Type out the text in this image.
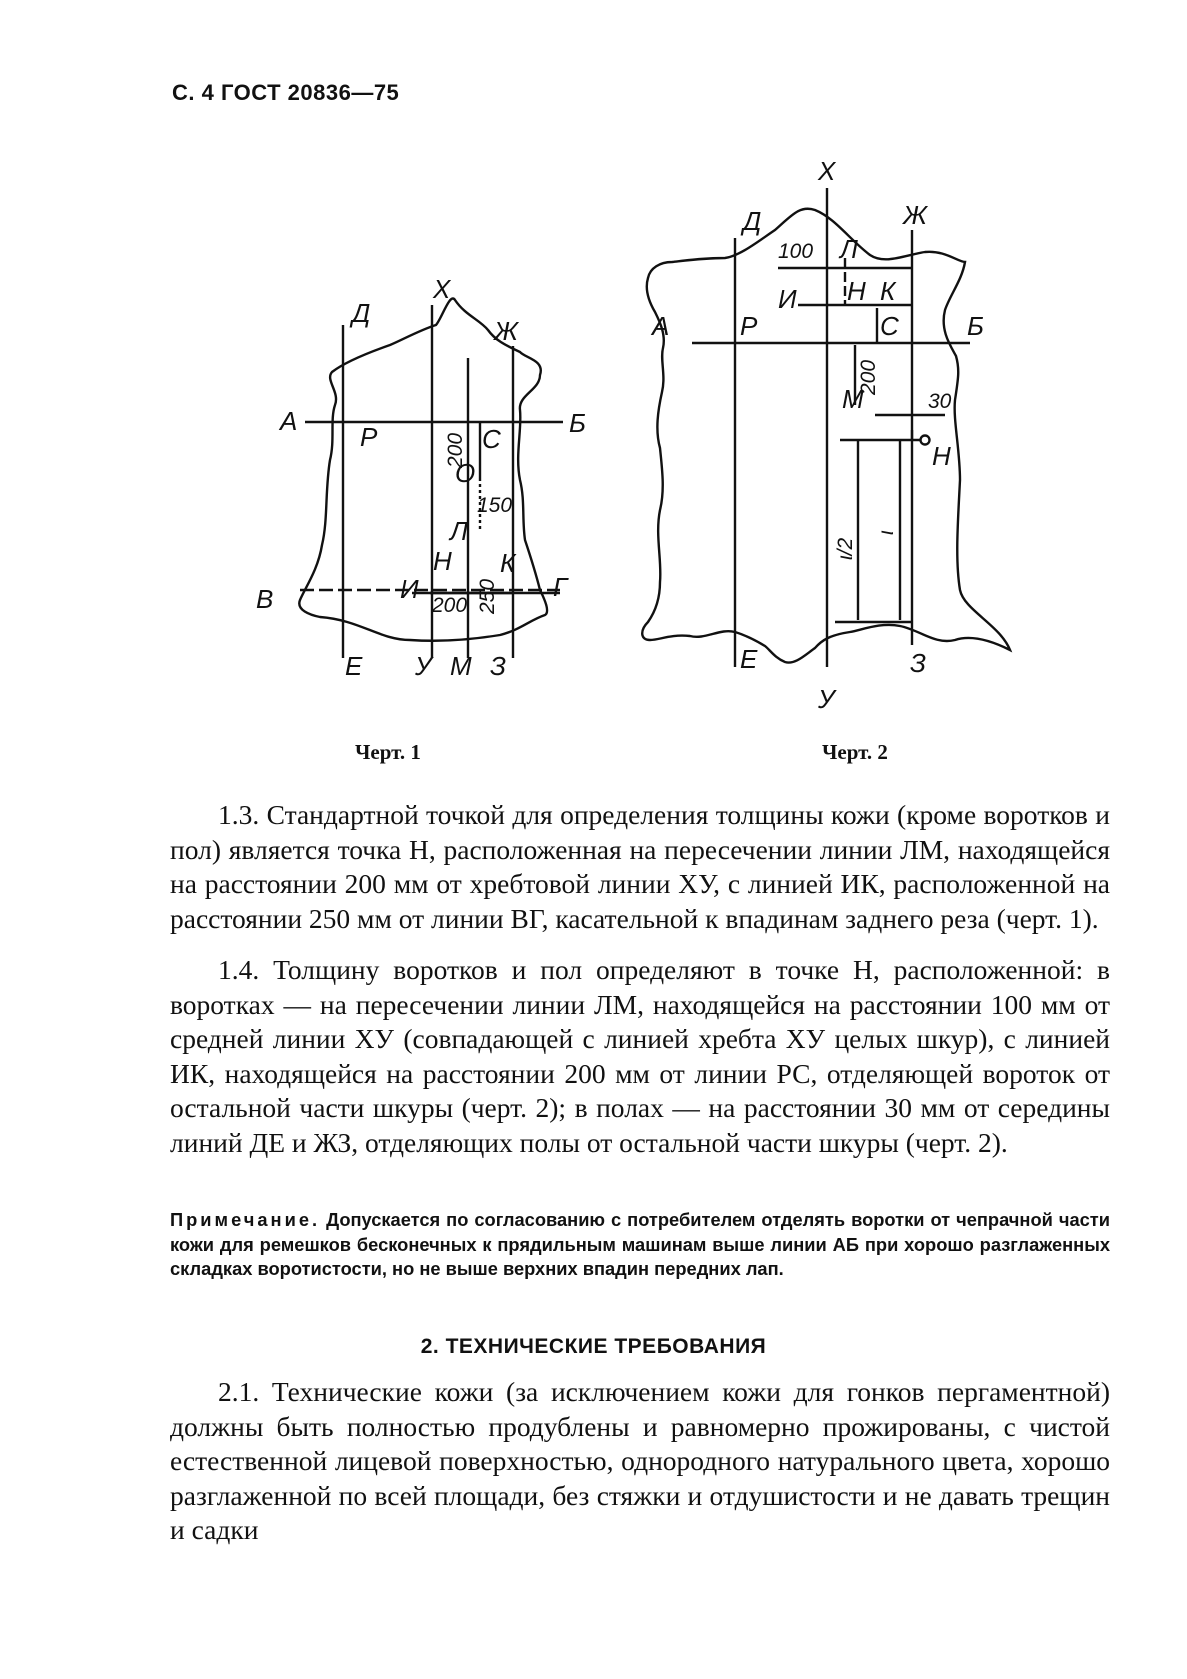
С. 4 ГОСТ 20836—75
Х
Д
Ж
А	Б
Р	С
О
Л
Н
И
К
В	Г
Е У М З
200
150
200 250
Х
Д	Ж
А	Б
Р
Л
И Н К
С
М
Н
Е
У
З
100
200
30
ι/2
ι
Черт. 1	Черт. 2

1.3. Стандартной точкой для определения толщины кожи (кроме воротков и пол) является точка Н, расположенная на пересечении линии ЛМ, находящейся на расстоянии 200 мм от хребтовой линии ХУ, с линией ИК, расположенной на расстоянии 250 мм от линии ВГ, касательной к впадинам заднего реза (черт. 1).

1.4. Толщину воротков и пол определяют в точке Н, расположенной: в воротках — на пересечении линии ЛМ, находящейся на расстоянии 100 мм от средней линии ХУ (совпадающей с линией хребта ХУ целых шкур), с линией ИК, находящейся на расстоянии 200 мм от линии РС, отделяющей вороток от остальной части шкуры (черт. 2); в полах — на расстоянии 30 мм от середины линий ДЕ и ЖЗ, отделяющих полы от остальной части шкуры (черт. 2).

Примечание. Допускается по согласованию с потребителем отделять воротки от чепрачной части кожи для ремешков бесконечных к прядильным машинам выше линии АБ при хорошо разглаженных складках воротистости, но не выше верхних впадин передних лап.

2. ТЕХНИЧЕСКИЕ ТРЕБОВАНИЯ

2.1. Технические кожи (за исключением кожи для гонков пергаментной) должны быть полностью продублены и равномерно прожированы, с чистой естественной лицевой поверхностью, однородного натурального цвета, хорошо разглаженной по всей площади, без стяжки и отдушистости и не давать трещин и садки
